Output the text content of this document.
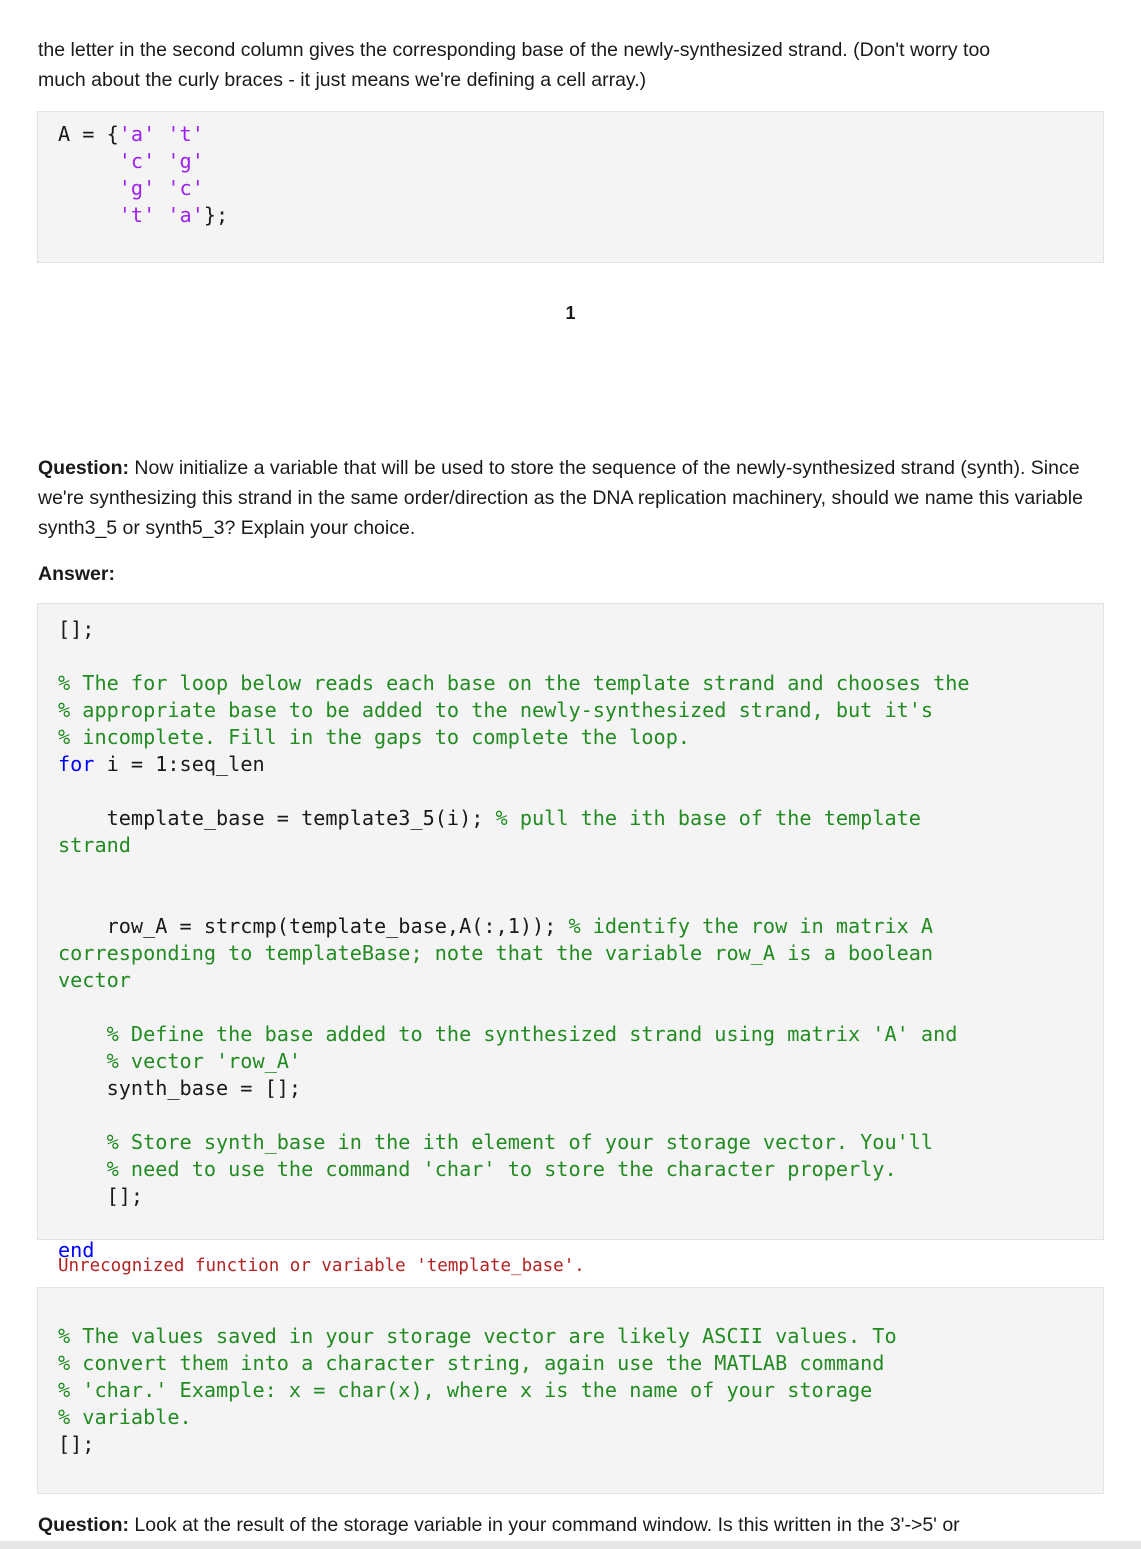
the letter in the second column gives the corresponding base of the newly-synthesized strand. (Don't worry too
much about the curly braces - it just means we're defining a cell array.)

A = {'a' 't'
'c' 'g'
'g' 'c'
't' 'a'};
1

Question: Now initialize a variable that will be used to store the sequence of the newly-synthesized strand (synth). Since we're synthesizing this strand in the same order/direction as the DNA replication machinery, should we name this variable synth3_5 or synth5_3? Explain your choice.

Answer:

[];

% The for loop below reads each base on the template strand and chooses the
% appropriate base to be added to the newly-synthesized strand, but it's
% incomplete. Fill in the gaps to complete the loop.
for i = 1:seq_len

template_base = template3_5(i); % pull the ith base of the template
strand

row_A = strcmp(template_base,A(:,1)); % identify the row in matrix A
corresponding to templateBase; note that the variable row_A is a boolean
vector

% Define the base added to the synthesized strand using matrix 'A' and
% vector 'row_A'
synth_base = [];

% Store synth_base in the ith element of your storage vector. You'll
% need to use the command 'char' to store the character properly.
[];

end
Unrecognized function or variable 'template_base'.
% The values saved in your storage vector are likely ASCII values. To
% convert them into a character string, again use the MATLAB command
% 'char.' Example: x = char(x), where x is the name of your storage
% variable.
[];

Question: Look at the result of the storage variable in your command window. Is this written in the 3'->5' or
